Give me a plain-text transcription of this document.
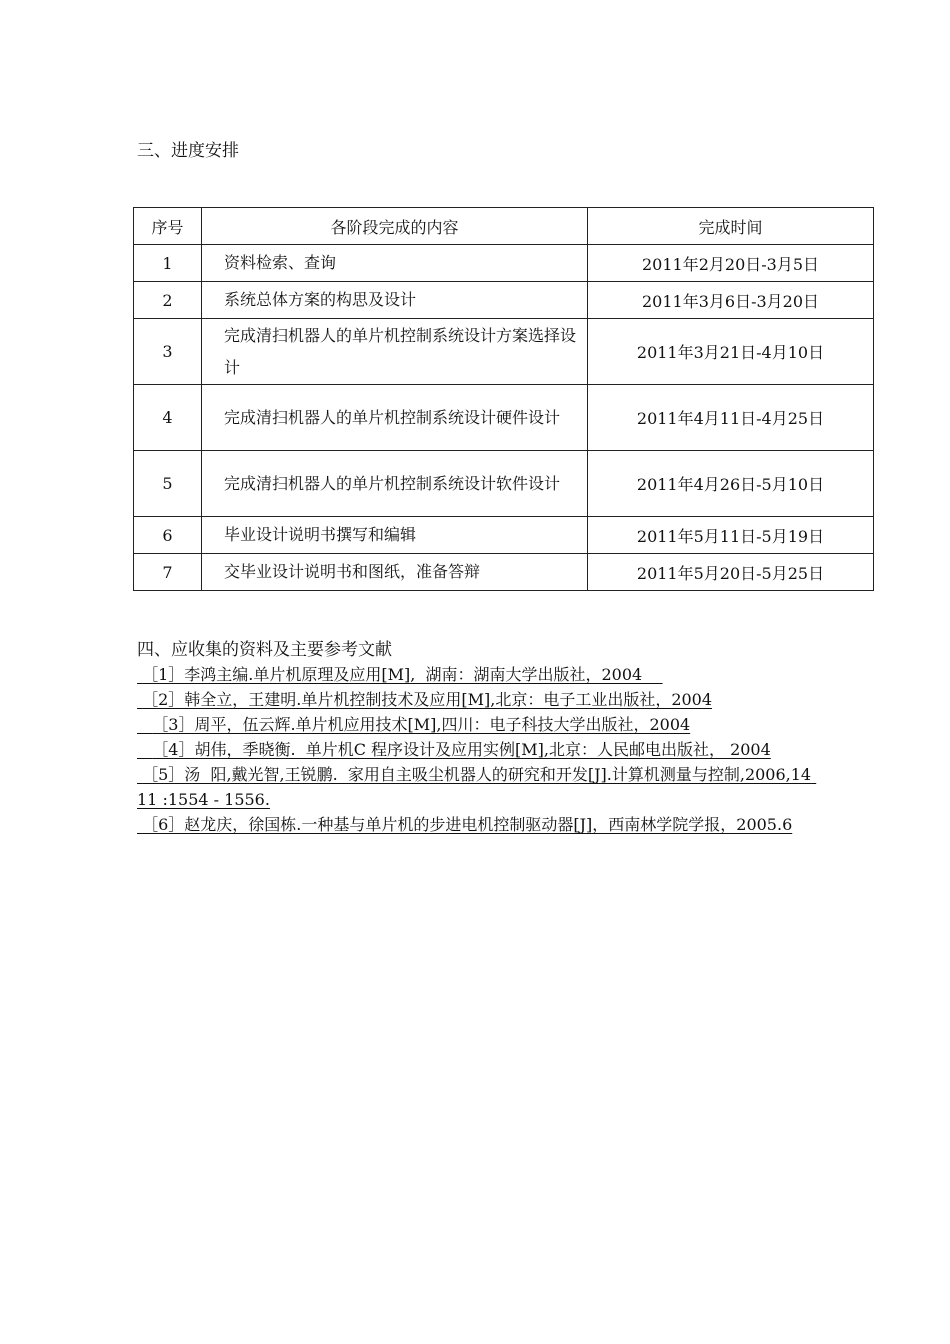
三、进度安排
序号	各阶段完成的内容	完成时间
1	资料检索、查询	2011年2月20日-3月5日
2	系统总体方案的构思及设计	2011年3月6日-3月20日
3	完成清扫机器人的单片机控制系统设计方案选择设计	2011年3月21日-4月10日
4	完成清扫机器人的单片机控制系统设计硬件设计	2011年4月11日-4月25日
5	完成清扫机器人的单片机控制系统设计软件设计	2011年4月26日-5月10日
6	毕业设计说明书撰写和编辑	2011年5月11日-5月19日
7	交毕业设计说明书和图纸，准备答辩	2011年5月20日-5月25日
四、应收集的资料及主要参考文献
［1］李鸿主编.单片机原理及应用[M],  湖南：湖南大学出版社，2004
［2］韩全立，王建明.单片机控制技术及应用[M],北京：电子工业出版社，2004
［3］周平，伍云辉.单片机应用技术[M],四川：电子科技大学出版社，2004
［4］胡伟，季晓衡.  单片机C 程序设计及应用实例[M],北京：人民邮电出版社， 2004
［5］汤  阳,戴光智,王锐鹏.  家用自主吸尘机器人的研究和开发[J].计算机测量与控制,2006,14 11 :1554 - 1556.
［6］赵龙庆，徐国栋.一种基与单片机的步进电机控制驱动器[J]，西南林学院学报，2005.6
